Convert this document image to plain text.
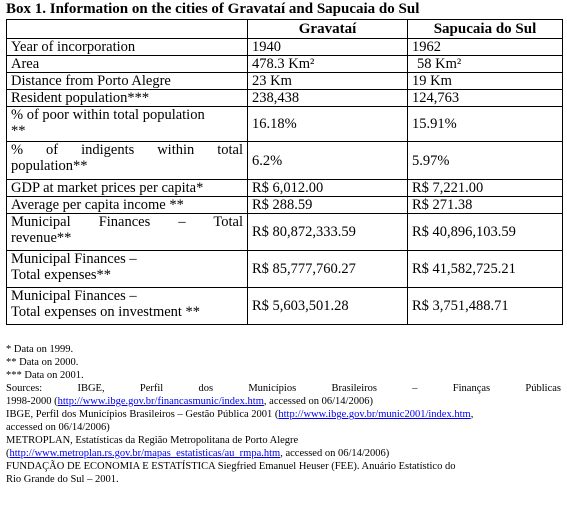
Box 1. Information on the cities of Gravataí and Sapucaia do Sul
	Gravataí	Sapucaia do Sul
Year of incorporation	1940	1962
Area	478.3 Km²	58 Km²
Distance from Porto Alegre	23 Km	19 Km
Resident population***	238,438	124,763

% of poor within total population
**	16.18%	15.91%

% of indigents within total
population**	6.2%	5.97%
GDP at market prices per capita*	R$ 6,012.00	R$ 7,221.00
Average per capita income **	R$ 288.59	R$ 271.38

Municipal Finances – Total
revenue**	R$ 80,872,333.59	R$ 40,896,103.59

Municipal Finances –
Total expenses**	R$ 85,777,760.27	R$ 41,582,725.21

Municipal Finances –
Total expenses on investment **	R$ 5,603,501.28	R$ 3,751,488.71
* Data on 1999.
** Data on 2000.
*** Data on 2001.
Sources:	IBGE,	Perfil	dos	Municípios	Brasileiros	–	Finanças	Públicas
1998-2000 (http://www.ibge.gov.br/financasmunic/index.htm, accessed on 06/14/2006)
IBGE, Perfil dos Municípios Brasileiros – Gestão Pública 2001 (http://www.ibge.gov.br/munic2001/index.htm,
accessed on 06/14/2006)
METROPLAN, Estatísticas da Região Metropolitana de Porto Alegre
(http://www.metroplan.rs.gov.br/mapas_estatisticas/au_rmpa.htm, accessed on 06/14/2006)
FUNDAÇÃO DE ECONOMIA E ESTATÍSTICA Siegfried Emanuel Heuser (FEE). Anuário Estatístico do
Rio Grande do Sul – 2001.
